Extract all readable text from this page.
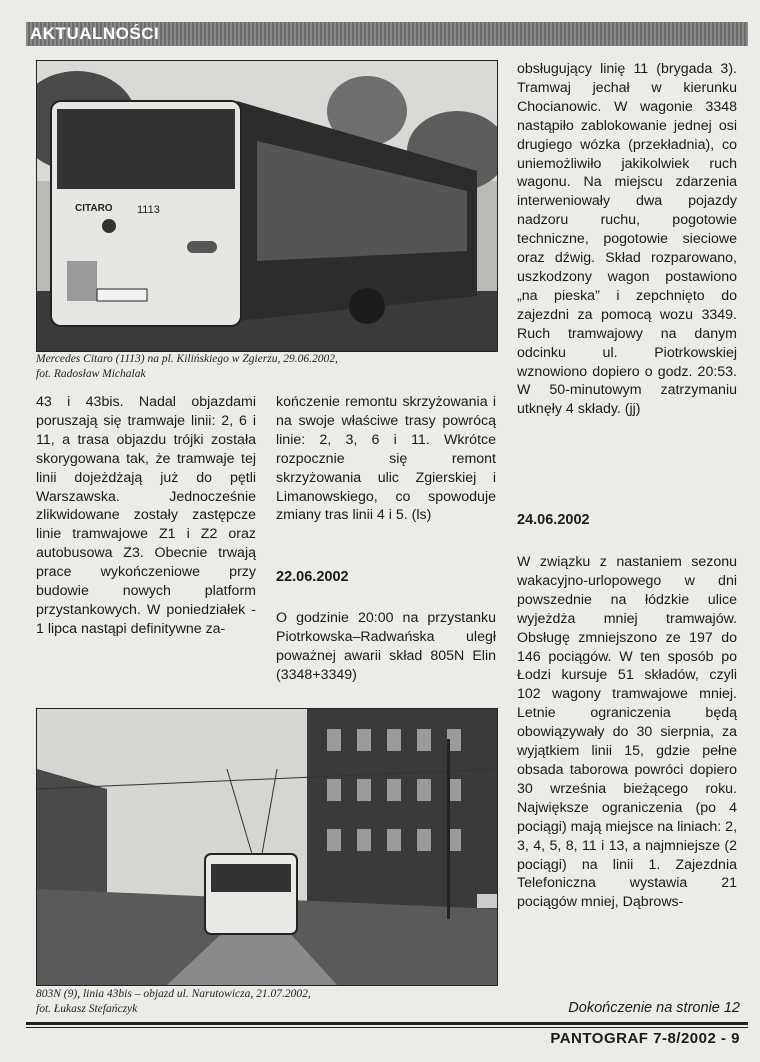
AKTUALNOŚCI
CITARO 1113
Mercedes Citaro (1113) na pl. Kilińskiego w Zgierzu, 29.06.2002,
fot. Radosław Michalak

43 i 43bis. Nadal objazdami poruszają się tramwaje linii: 2, 6 i 11, a trasa objazdu trójki została skorygowana tak, że tramwaje tej linii dojeżdżają już do pętli Warszawska. Jednocześnie zlikwidowane zostały zastępcze linie tramwajowe Z1 i Z2 oraz autobusowa Z3. Obecnie trwają prace wykończeniowe przy budowie nowych platform przystankowych. W poniedziałek - 1 lipca nastąpi definitywne za-

kończenie remontu skrzyżowania i na swoje właściwe trasy powrócą linie: 2, 3, 6 i 11. Wkrótce rozpocznie się remont skrzyżowania ulic Zgierskiej i Limanowskiego, co spowoduje zmiany tras linii 4 i 5. (ls)

22.06.2002

O godzinie 20:00 na przystanku Piotrkowska–Radwańska uległ poważnej awarii skład 805N Elin (3348+3349)

803N (9), linia 43bis – objazd ul. Narutowicza, 21.07.2002,
fot. Łukasz Stefańczyk

obsługujący linię 11 (brygada 3). Tramwaj jechał w kierunku Chocianowic. W wagonie 3348 nastąpiło zablokowanie jednej osi drugiego wózka (przekładnia), co uniemożliwiło jakikolwiek ruch wagonu. Na miejscu zdarzenia interweniowały dwa pojazdy nadzoru ruchu, pogotowie techniczne, pogotowie sieciowe oraz dźwig. Skład rozparowano, uszkodzony wagon postawiono „na pieska” i zepchnięto do zajezdni za pomocą wozu 3349. Ruch tramwajowy na danym odcinku ul. Piotrkowskiej wznowiono dopiero o godz. 20:53. W 50-minutowym zatrzymaniu utknęły 4 składy. (jj)

24.06.2002

W związku z nastaniem sezonu wakacyjno-urlopowego w dni powszednie na łódzkie ulice wyjeżdża mniej tramwajów. Obsługę zmniejszono ze 197 do 146 pociągów. W ten sposób po Łodzi kursuje 51 składów, czyli 102 wagony tramwajowe mniej. Letnie ograniczenia będą obowiązywały do 30 sierpnia, za wyjątkiem linii 15, gdzie pełne obsada taborowa powróci dopiero 30 września bieżącego roku. Największe ograniczenia (po 4 pociągi) mają miejsce na liniach: 2, 3, 4, 5, 8, 11 i 13, a najmniejsze (2 pociągi) na linii 1. Zajezdnia Telefoniczna wystawia 21 pociągów mniej, Dąbrows-

Dokończenie na stronie 12
PANTOGRAF 7-8/2002 - 9
